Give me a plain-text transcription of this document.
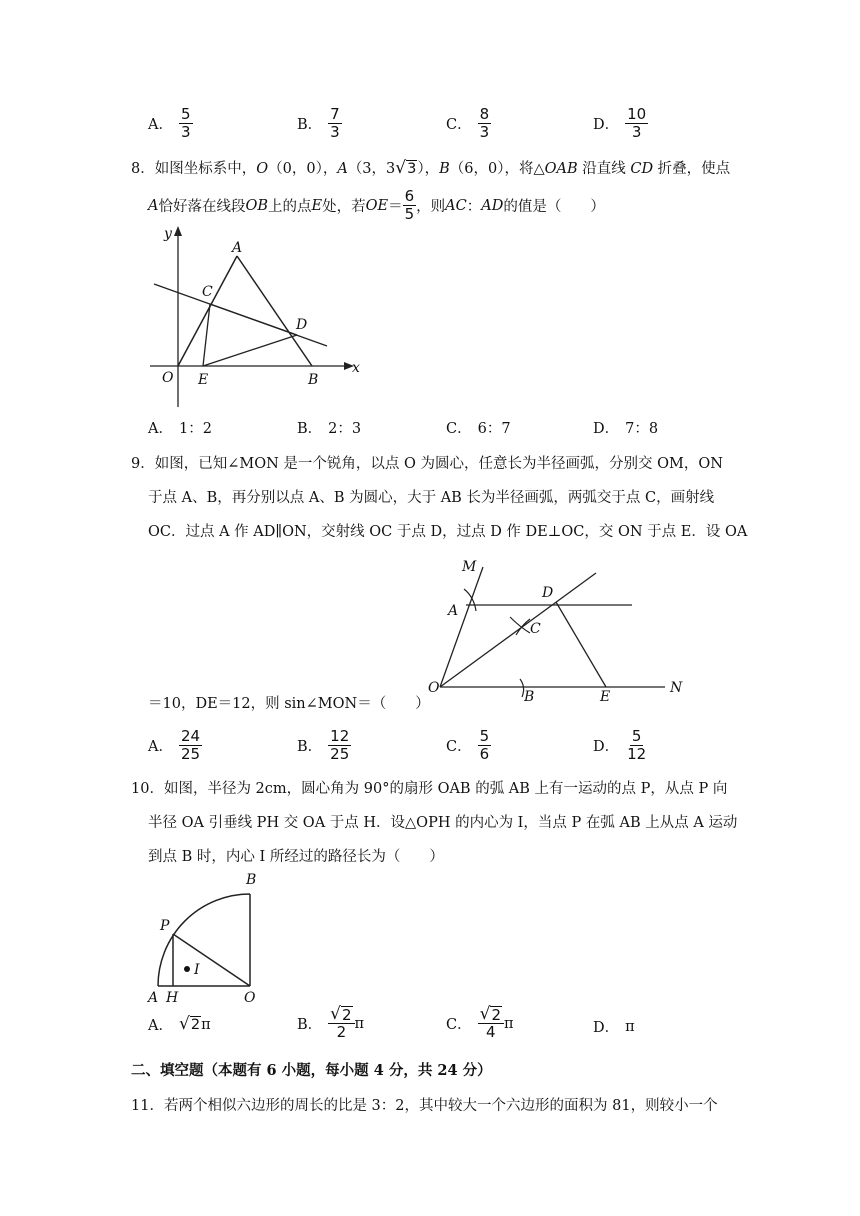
A． $\frac{5}{3}$	B． $\frac{7}{3}$	C． $\frac{8}{3}$	D． $\frac{10}{3}$
8．如图坐标系中，O（0，0），A（3，3 √ 3 ），B（6，0），将△OAB 沿直线 CD 折叠，使点
A 恰好落在线段 OB 上的点 E 处，若 OE ＝ $\frac{6}{5}$ ，则 AC ： AD 的值是（　　）
y
x
A
C
D
O E	B
A． 1：2	B． 2：3	C． 6：7	D． 7：8
9．如图，已知∠MON 是一个锐角，以点 O 为圆心，任意长为半径画弧，分别交 OM，ON
于点 A、B，再分别以点 A、B 为圆心，大于 AB 长为半径画弧，两弧交于点 C，画射线
OC．过点 A 作 AD∥ON，交射线 OC 于点 D，过点 D 作 DE⊥OC，交 ON 于点 E．设 OA
M
A
D
C
O
B	E
N
＝10，DE＝12，则 sin∠MON＝（　　）
A． $\frac{24}{25}$	B． $\frac{12}{25}$	C． $\frac{5}{6}$	D． $\frac{5}{12}$
10．如图，半径为 2cm，圆心角为 90°的扇形 OAB 的弧 AB 上有一运动的点 P，从点 P 向
半径 OA 引垂线 PH 交 OA 于点 H．设△OPH 的内心为 I，当点 P 在弧 AB 上从点 A 运动
到点 B 时，内心 I 所经过的路径长为（　　）
B
P
I
A H	O
A． √ 2 π	B． $\frac{√ 2}{2}$ π	C． $\frac{√ 2}{4}$ π	D． π
二、填空题（本题有 6 小题，每小题 4 分，共 24 分）
11．若两个相似六边形的周长的比是 3：2，其中较大一个六边形的面积为 81，则较小一个
